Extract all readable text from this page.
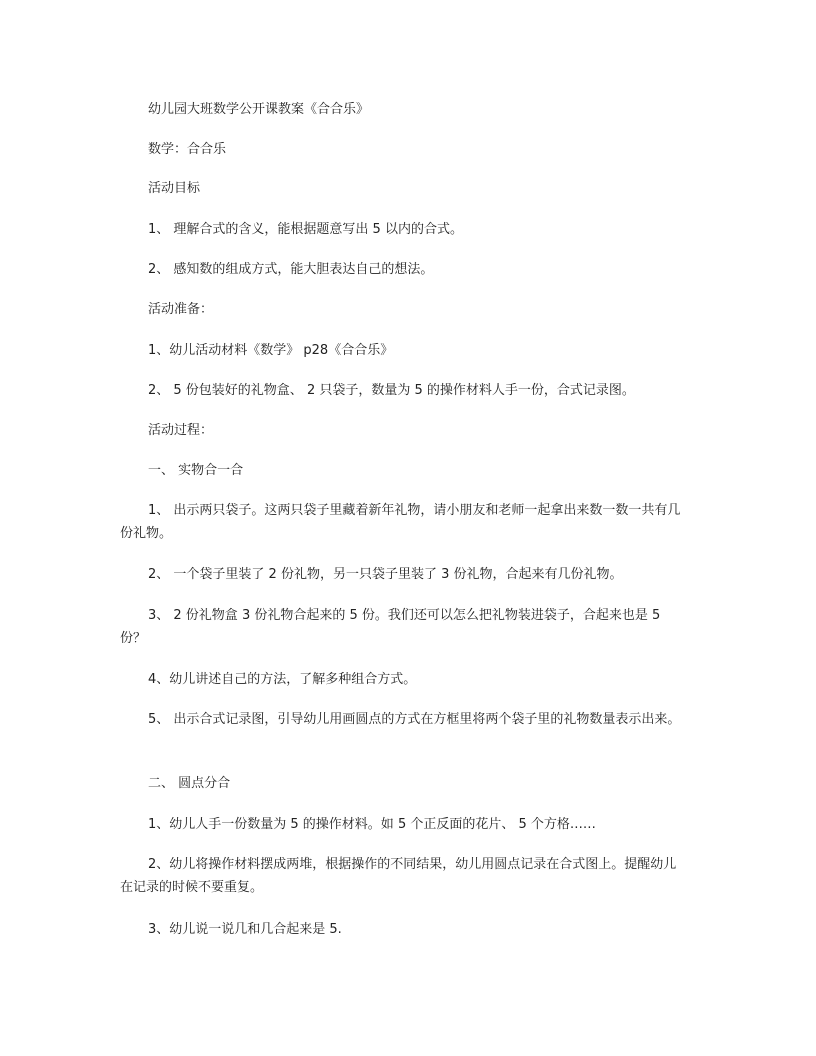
幼儿园大班数学公开课教案《合合乐》

数学：合合乐

活动目标

1、 理解合式的含义，能根据题意写出 5 以内的合式。

2、 感知数的组成方式，能大胆表达自己的想法。

活动准备：

1、幼儿活动材料《数学》 p28《合合乐》

2、 5 份包装好的礼物盒、 2 只袋子，数量为 5 的操作材料人手一份，合式记录图。

活动过程：

一、 实物合一合

1、 出示两只袋子。这两只袋子里藏着新年礼物，请小朋友和老师一起拿出来数一数一共有几份礼物。

2、 一个袋子里装了 2 份礼物，另一只袋子里装了 3 份礼物，合起来有几份礼物。

3、 2 份礼物盒 3 份礼物合起来的 5 份。我们还可以怎么把礼物装进袋子，合起来也是 5 份？

4、幼儿讲述自己的方法，了解多种组合方式。

5、 出示合式记录图，引导幼儿用画圆点的方式在方框里将两个袋子里的礼物数量表示出来。

二、 圆点分合

1、幼儿人手一份数量为 5 的操作材料。如 5 个正反面的花片、 5 个方格……

2、幼儿将操作材料摆成两堆，根据操作的不同结果，幼儿用圆点记录在合式图上。提醒幼儿在记录的时候不要重复。

3、幼儿说一说几和几合起来是 5.
